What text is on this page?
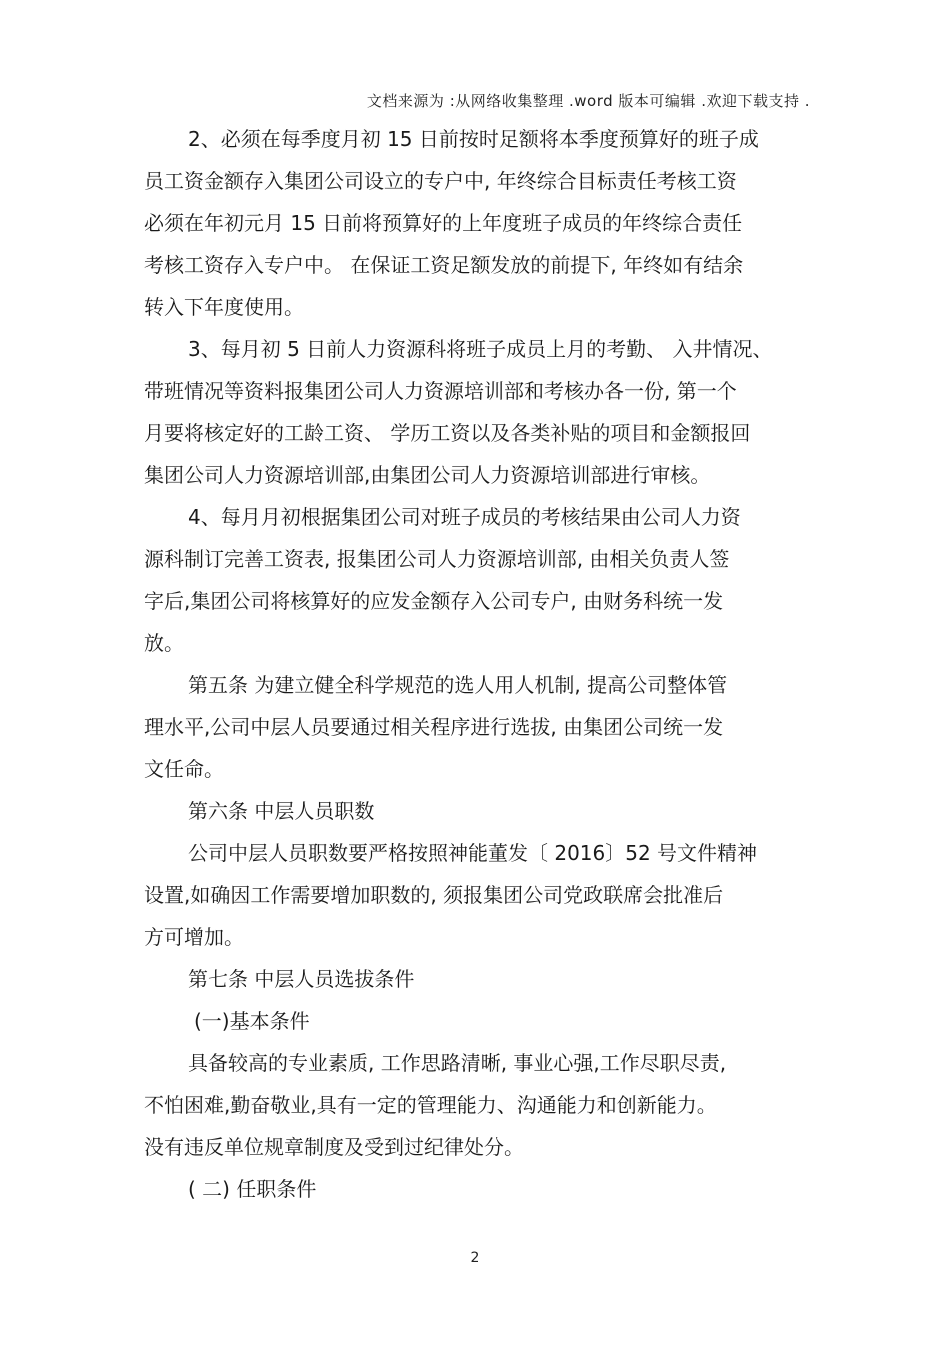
文档来源为 :从网络收集整理 .word 版本可编辑 .欢迎下载支持 .
2、必须在每季度月初 15 日前按时足额将本季度预算好的班子成
员工资金额存入集团公司设立的专户中, 年终综合目标责任考核工资
必须在年初元月 15 日前将预算好的上年度班子成员的年终综合责任
考核工资存入专户中。 在保证工资足额发放的前提下, 年终如有结余
转入下年度使用。
3、每月初 5 日前人力资源科将班子成员上月的考勤、 入井情况、
带班情况等资料报集团公司人力资源培训部和考核办各一份, 第一个
月要将核定好的工龄工资、 学历工资以及各类补贴的项目和金额报回
集团公司人力资源培训部,由集团公司人力资源培训部进行审核。
4、每月月初根据集团公司对班子成员的考核结果由公司人力资
源科制订完善工资表, 报集团公司人力资源培训部, 由相关负责人签
字后,集团公司将核算好的应发金额存入公司专户, 由财务科统一发
放。
第五条 为建立健全科学规范的选人用人机制, 提高公司整体管
理水平,公司中层人员要通过相关程序进行选拔, 由集团公司统一发
文任命。
第六条 中层人员职数
公司中层人员职数要严格按照神能董发〔 2016〕52 号文件精神
设置,如确因工作需要增加职数的, 须报集团公司党政联席会批准后
方可增加。
第七条 中层人员选拔条件
(一)基本条件
具备较高的专业素质, 工作思路清晰, 事业心强,工作尽职尽责,
不怕困难,勤奋敬业,具有一定的管理能力、沟通能力和创新能力。
没有违反单位规章制度及受到过纪律处分。
( 二) 任职条件
2
